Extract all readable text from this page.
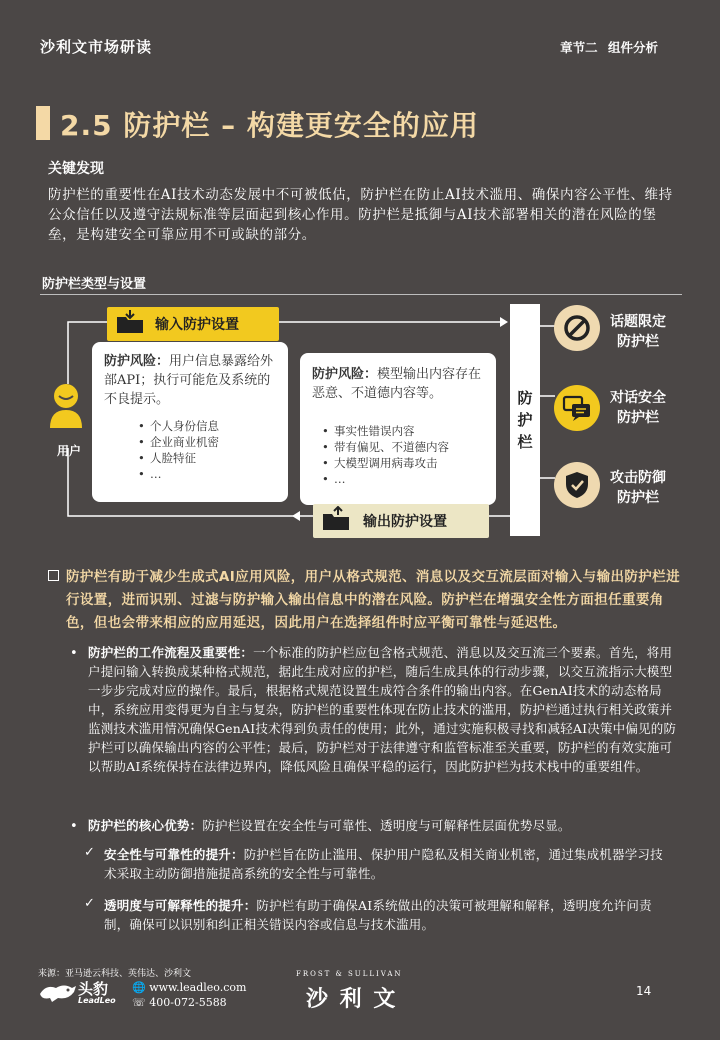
沙利文市场研读	章节二 组件分析
2.5 防护栏 – 构建更安全的应用
关键发现
防护栏的重要性在AI技术动态发展中不可被低估，防护栏在防止AI技术滥用、确保内容公平性、维持公众信任以及遵守法规标准等层面起到核心作用。防护栏是抵御与AI技术部署相关的潜在风险的堡垒，是构建安全可靠应用不可或缺的部分。
防护栏类型与设置
用户
输入防护设置
防护风险：用户信息暴露给外部API；执行可能危及系统的不良提示。
• 个人身份信息
• 企业商业机密
• 人脸特征
• …
防护风险：模型输出内容存在恶意、不道德内容等。
• 事实性错误内容
• 带有偏见、不道德内容
• 大模型调用病毒攻击
• …
输出防护设置
防
护
栏
话题限定
防护栏
对话安全
防护栏
攻击防御
防护栏
防护栏有助于减少生成式AI应用风险，用户从格式规范、消息以及交互流层面对输入与输出防护栏进行设置，进而识别、过滤与防护输入输出信息中的潜在风险。防护栏在增强安全性方面担任重要角色，但也会带来相应的应用延迟，因此用户在选择组件时应平衡可靠性与延迟性。
• 防护栏的工作流程及重要性：一个标准的防护栏应包含格式规范、消息以及交互流三个要素。首先，将用户提问输入转换成某种格式规范，据此生成对应的护栏，随后生成具体的行动步骤，以交互流指示大模型一步步完成对应的操作。最后，根据格式规范设置生成符合条件的输出内容。在GenAI技术的动态格局中，系统应用变得更为自主与复杂，防护栏的重要性体现在防止技术的滥用，防护栏通过执行相关政策并监测技术滥用情况确保GenAI技术得到负责任的使用；此外，通过实施积极寻找和减轻AI决策中偏见的防护栏可以确保输出内容的公平性；最后，防护栏对于法律遵守和监管标准至关重要，防护栏的有效实施可以帮助AI系统保持在法律边界内，降低风险且确保平稳的运行，因此防护栏为技术栈中的重要组件。
• 防护栏的核心优势：防护栏设置在安全性与可靠性、透明度与可解释性层面优势尽显。
✓ 安全性与可靠性的提升：防护栏旨在防止滥用、保护用户隐私及相关商业机密，通过集成机器学习技术采取主动防御措施提高系统的安全性与可靠性。
✓ 透明度与可解释性的提升：防护栏有助于确保AI系统做出的决策可被理解和解释，透明度允许问责制，确保可以识别和纠正相关错误内容或信息与技术滥用。
来源：亚马逊云科技、英伟达、沙利文
头豹
LeadLeo
🌐 www.leadleo.com
☏ 400-072-5588
FROST & SULLIVAN
沙 利 文	14
